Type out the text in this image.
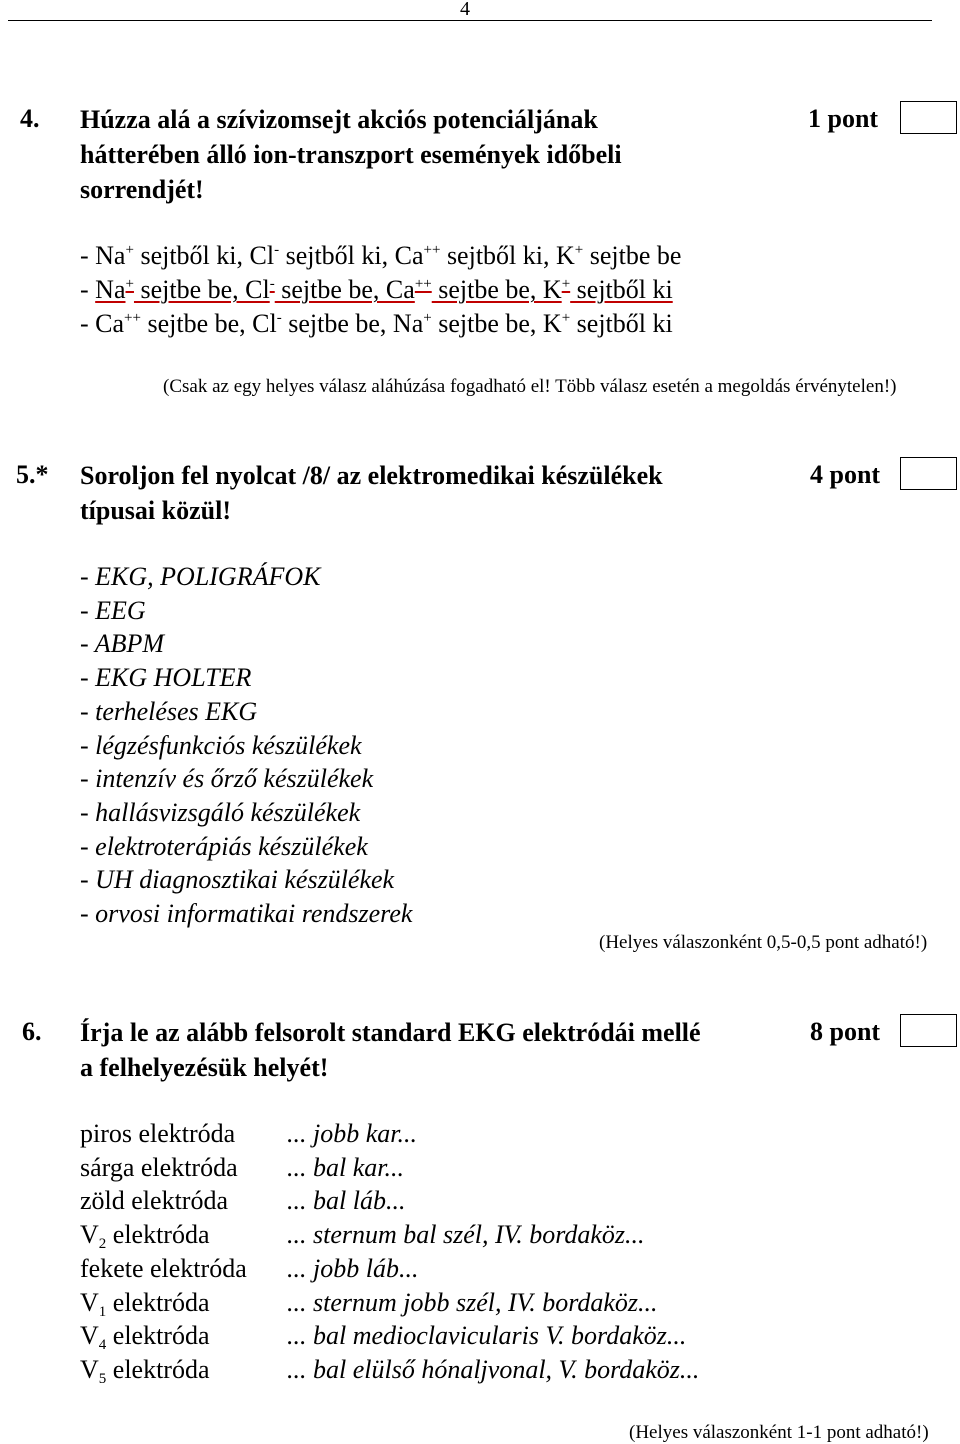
4
4. Húzza alá a szívizomsejt akciós potenciáljának
hátterében álló ion-transzport események időbeli
sorrendjét!
1 pont
- Na+ sejtből ki, Cl- sejtből ki, Ca++ sejtből ki, K+ sejtbe be
- Na+ sejtbe be, Cl- sejtbe be, Ca++ sejtbe be, K+ sejtből ki
- Ca++ sejtbe be, Cl- sejtbe be, Na+ sejtbe be, K+ sejtből ki
(Csak az egy helyes válasz aláhúzása fogadható el! Több válasz esetén a megoldás érvénytelen!)
5.* Soroljon fel nyolcat /8/ az elektromedikai készülékek
típusai közül!
4 pont
- EKG, POLIGRÁFOK
- EEG
- ABPM
- EKG HOLTER
- terheléses EKG
- légzésfunkciós készülékek
- intenzív és őrző készülékek
- hallásvizsgáló készülékek
- elektroterápiás készülékek
- UH diagnosztikai készülékek
- orvosi informatikai rendszerek
(Helyes válaszonként 0,5-0,5 pont adható!)
6. Írja le az alább felsorolt standard EKG elektródái mellé
a felhelyezésük helyét!
8 pont
piros elektróda
sárga elektróda
zöld elektróda
$V_2$ elektróda
fekete elektróda
$V_1$ elektróda
$V_4$ elektróda
$V_5$ elektróda
... jobb kar...
... bal kar...
... bal láb...
... sternum bal szél, IV. bordaköz...
... jobb láb...
... sternum jobb szél, IV. bordaköz...
... bal medioclavicularis V. bordaköz...
... bal elülső hónaljvonal, V. bordaköz...
(Helyes válaszonként 1-1 pont adható!)
